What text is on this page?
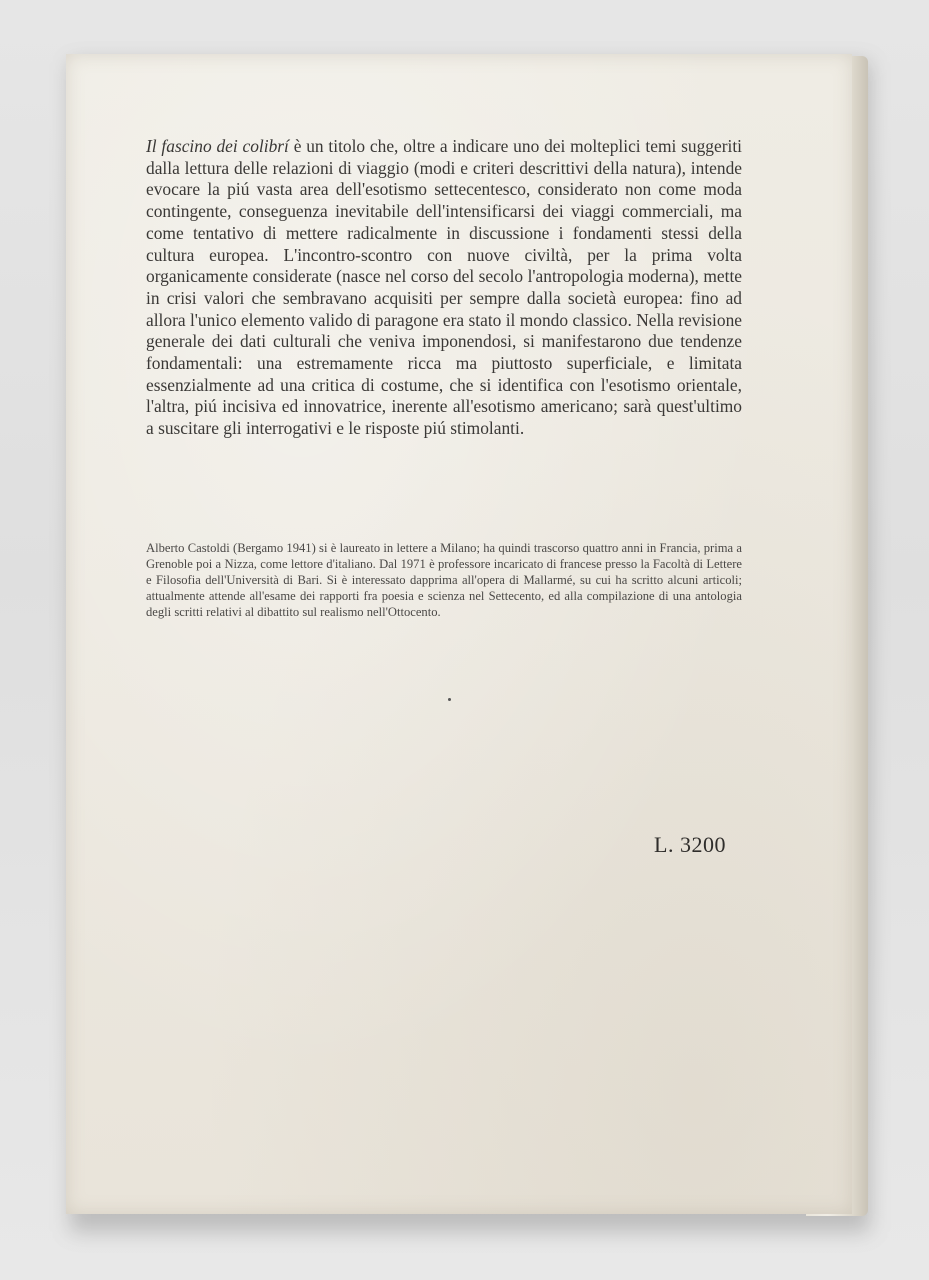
Il fascino dei colibrí è un titolo che, oltre a indicare uno dei molteplici temi suggeriti dalla lettura delle relazioni di viaggio (modi e criteri descrittivi della natura), intende evocare la piú vasta area dell'esotismo settecentesco, considerato non come moda contingente, conseguenza inevitabile dell'intensificarsi dei viaggi commerciali, ma come tentativo di mettere radicalmente in discussione i fondamenti stessi della cultura europea. L'incontro-scontro con nuove civiltà, per la prima volta organicamente considerate (nasce nel corso del secolo l'antropologia moderna), mette in crisi valori che sembravano acquisiti per sempre dalla società europea: fino ad allora l'unico elemento valido di paragone era stato il mondo classico. Nella revisione generale dei dati culturali che veniva imponendosi, si manifestarono due tendenze fondamentali: una estremamente ricca ma piuttosto superficiale, e limitata essenzialmente ad una critica di costume, che si identifica con l'esotismo orientale, l'altra, piú incisiva ed innovatrice, inerente all'esotismo americano; sarà quest'ultimo a suscitare gli interrogativi e le risposte piú stimolanti.

Alberto Castoldi (Bergamo 1941) si è laureato in lettere a Milano; ha quindi trascorso quattro anni in Francia, prima a Grenoble poi a Nizza, come lettore d'italiano. Dal 1971 è professore incaricato di francese presso la Facoltà di Lettere e Filosofia dell'Università di Bari. Si è interessato dapprima all'opera di Mallarmé, su cui ha scritto alcuni articoli; attualmente attende all'esame dei rapporti fra poesia e scienza nel Settecento, ed alla compilazione di una antologia degli scritti relativi al dibattito sul realismo nell'Ottocento.

L. 3200
